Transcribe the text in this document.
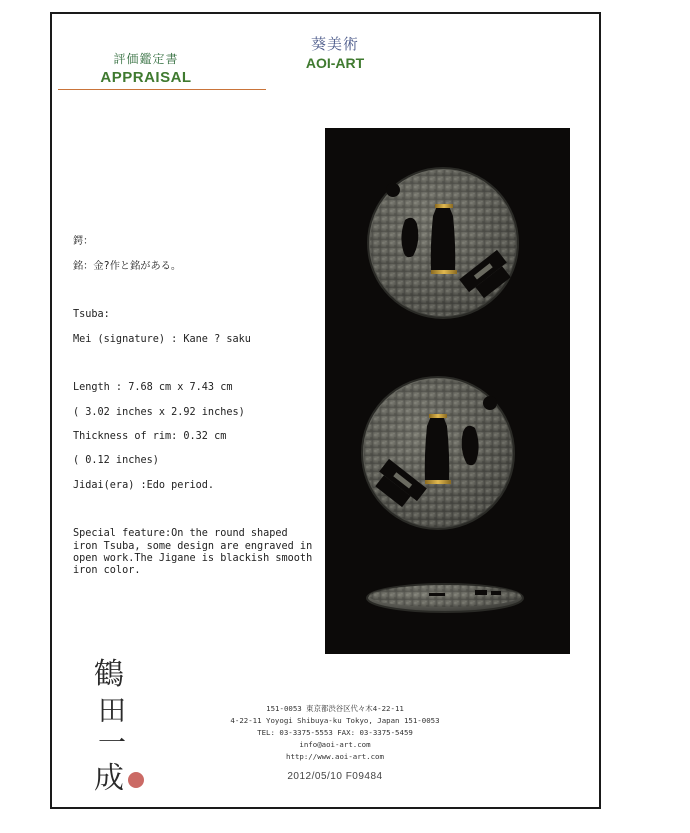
評価鑑定書
APPRAISAL
葵美術
AOI-ART

鍔：

銘：金?作と銘がある。

Tsuba:

Mei (signature) : Kane ? saku

Length : 7.68 cm x 7.43 cm

( 3.02 inches x 2.92 inches)

Thickness of rim: 0.32 cm

( 0.12 inches)

Jidai(era) :Edo period.

Special feature:On the round shaped iron Tsuba, some design are engraved in open work.The Jigane is blackish smooth iron color.

鶴
田
一
成
151-0053 東京都渋谷区代々木4-22-11
4-22-11 Yoyogi Shibuya-ku Tokyo, Japan 151-0053
TEL: 03-3375-5553 FAX: 03-3375-5459
info@aoi-art.com
http://www.aoi-art.com
2012/05/10 F09484
